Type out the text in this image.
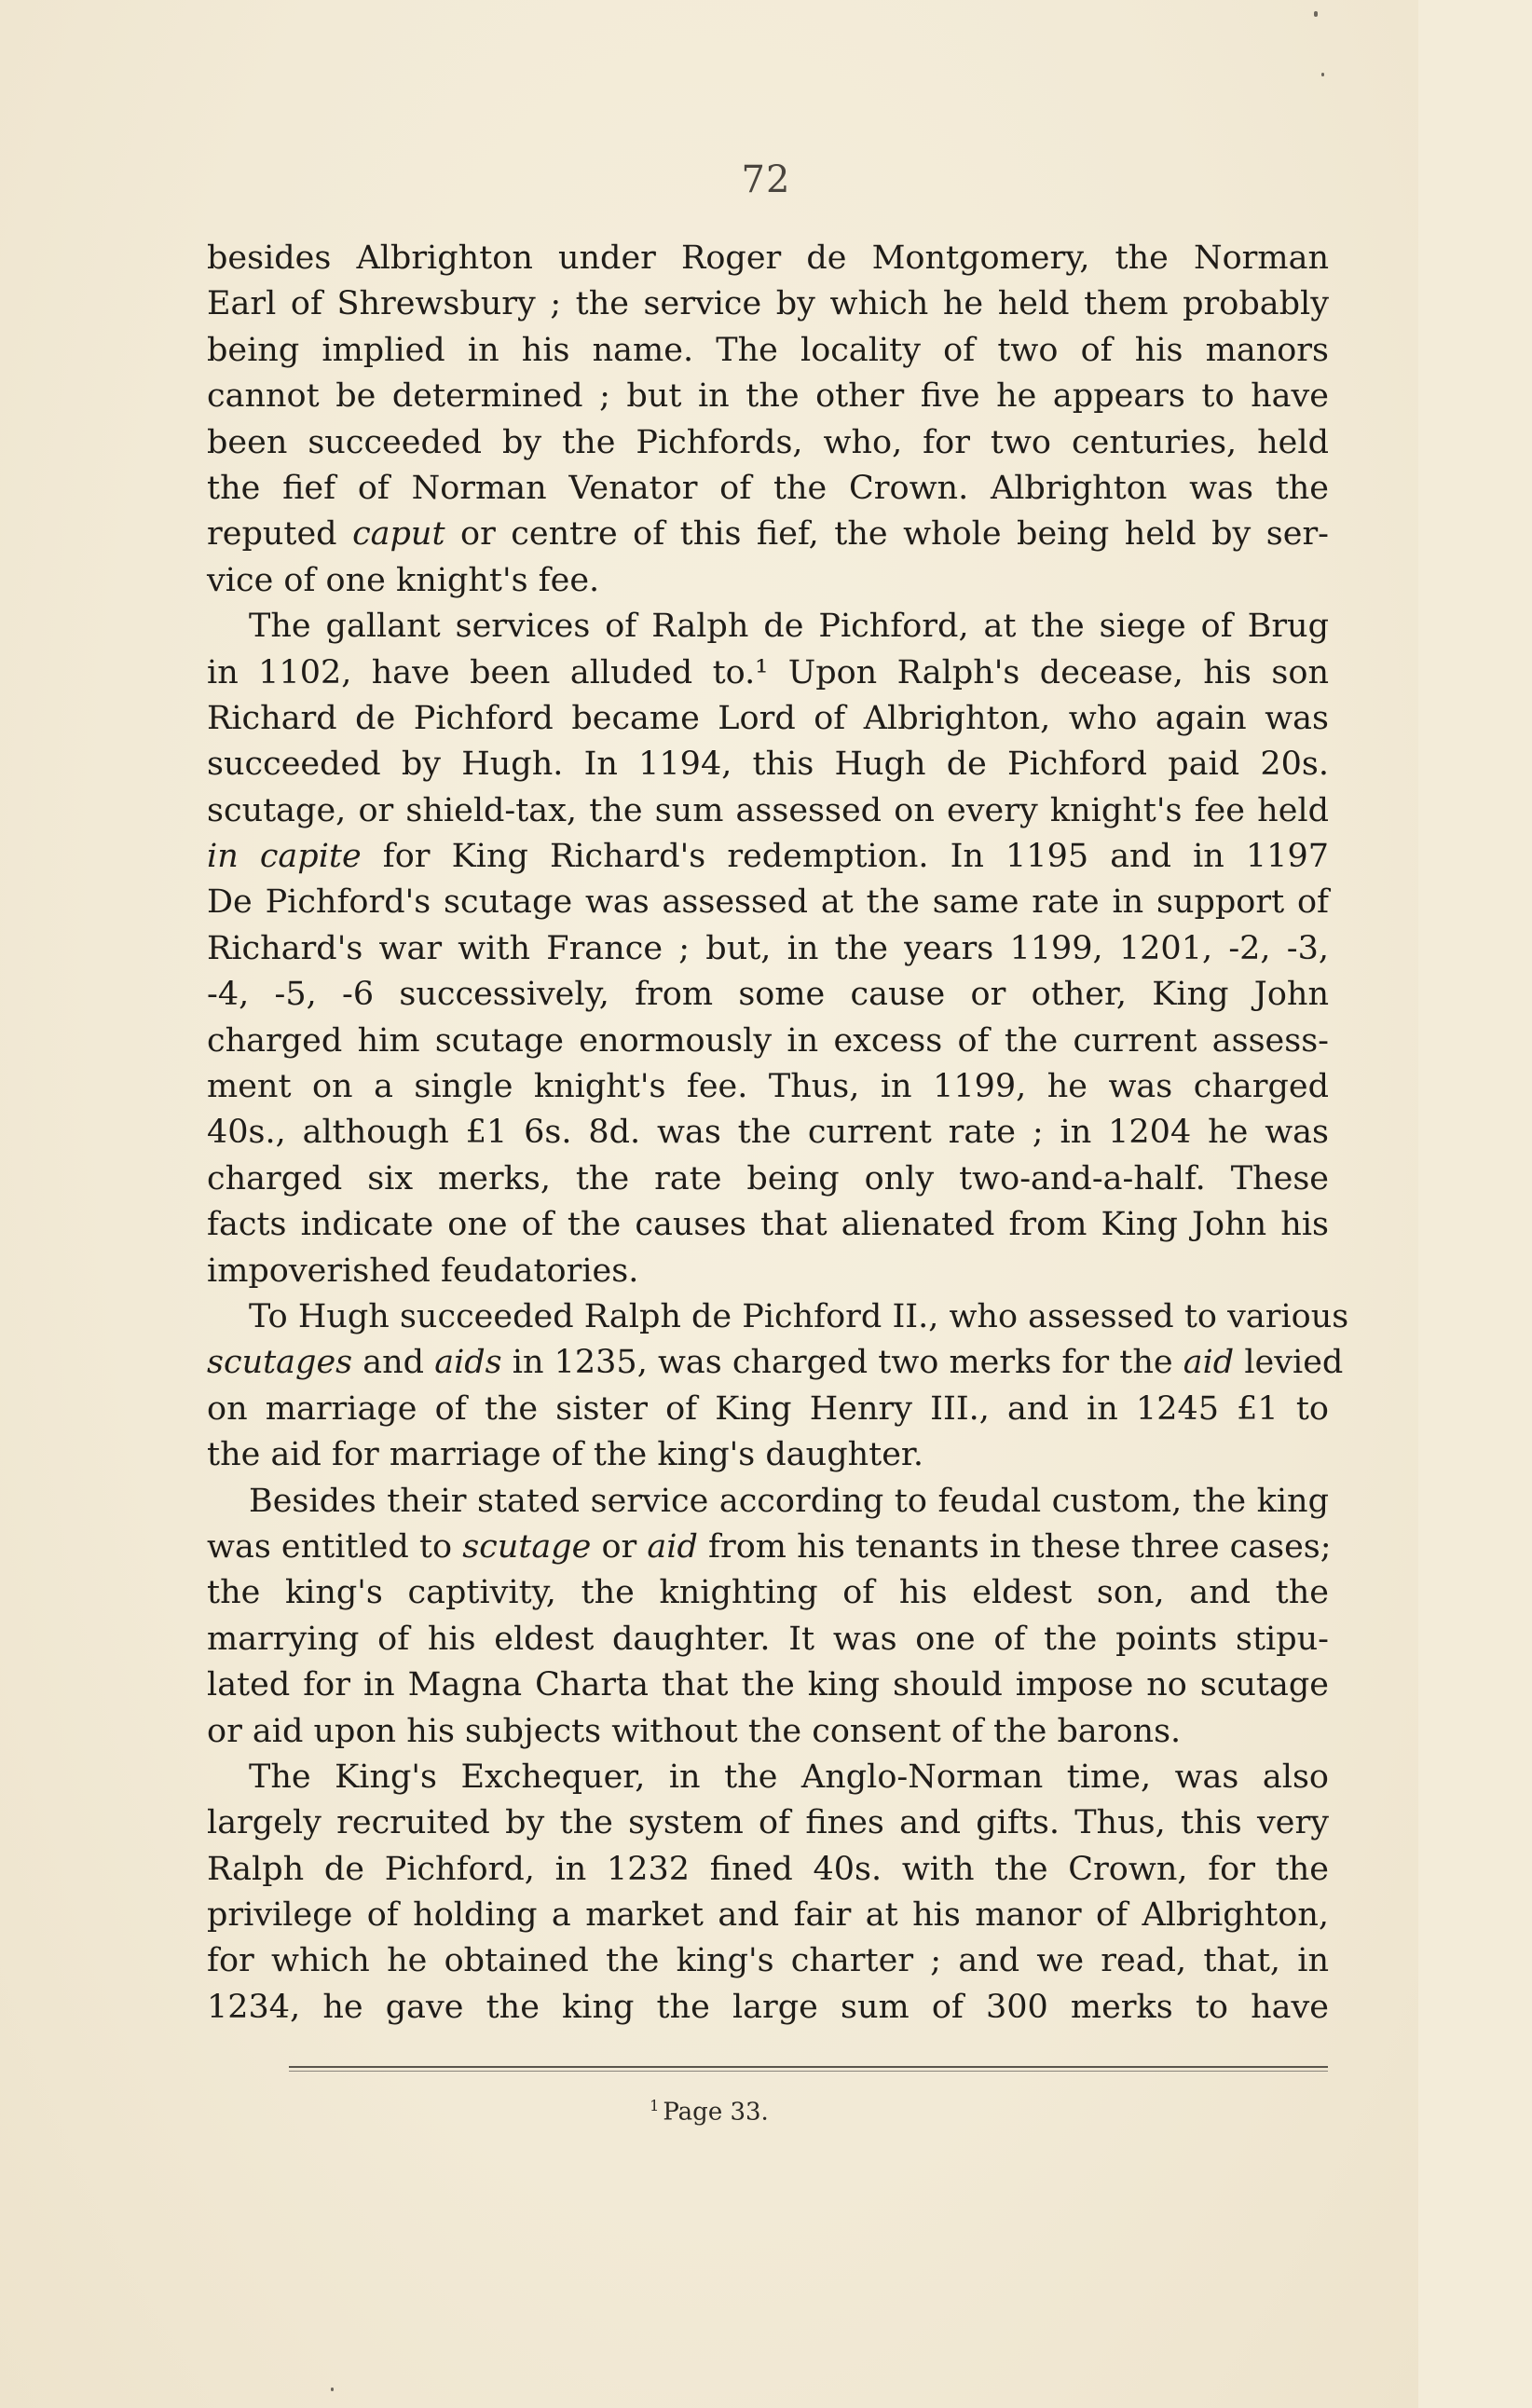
72
besides Albrighton under Roger de Montgomery, the Norman
Earl of Shrewsbury ; the service by which he held them probably
being implied in his name. The locality of two of his manors
cannot be determined ; but in the other five he appears to have
been succeeded by the Pichfords, who, for two centuries, held
the fief of Norman Venator of the Crown. Albrighton was the
reputed caput or centre of this fief, the whole being held by ser-
vice of one knight's fee.
The gallant services of Ralph de Pichford, at the siege of Brug
in 1102, have been alluded to.¹ Upon Ralph's decease, his son
Richard de Pichford became Lord of Albrighton, who again was
succeeded by Hugh. In 1194, this Hugh de Pichford paid 20s.
scutage, or shield-tax, the sum assessed on every knight's fee held
in capite for King Richard's redemption. In 1195 and in 1197
De Pichford's scutage was assessed at the same rate in support of
Richard's war with France ; but, in the years 1199, 1201, -2, -3,
-4, -5, -6 successively, from some cause or other, King John
charged him scutage enormously in excess of the current assess-
ment on a single knight's fee. Thus, in 1199, he was charged
40s., although £1 6s. 8d. was the current rate ; in 1204 he was
charged six merks, the rate being only two-and-a-half. These
facts indicate one of the causes that alienated from King John his
impoverished feudatories.
To Hugh succeeded Ralph de Pichford II., who assessed to various
scutages and aids in 1235, was charged two merks for the aid levied
on marriage of the sister of King Henry III., and in 1245 £1 to
the aid for marriage of the king's daughter.
Besides their stated service according to feudal custom, the king
was entitled to scutage or aid from his tenants in these three cases;
the king's captivity, the knighting of his eldest son, and the
marrying of his eldest daughter. It was one of the points stipu-
lated for in Magna Charta that the king should impose no scutage
or aid upon his subjects without the consent of the barons.
The King's Exchequer, in the Anglo-Norman time, was also
largely recruited by the system of fines and gifts. Thus, this very
Ralph de Pichford, in 1232 fined 40s. with the Crown, for the
privilege of holding a market and fair at his manor of Albrighton,
for which he obtained the king's charter ; and we read, that, in
1234, he gave the king the large sum of 300 merks to have
$^1$ Page 33.
